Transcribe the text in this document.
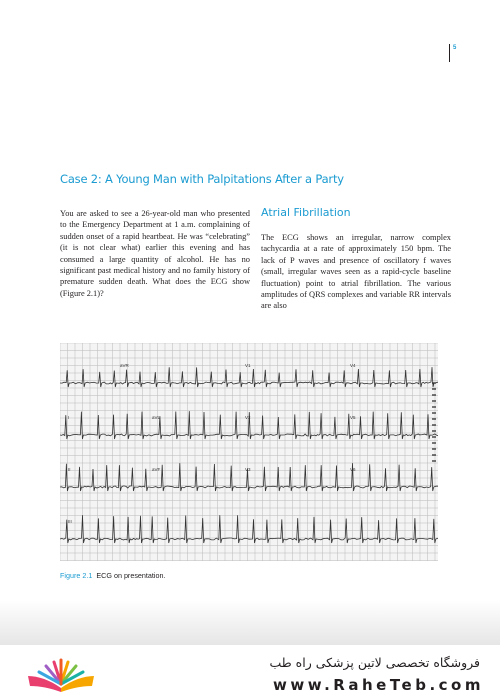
5
Case 2: A Young Man with Palpitations After a Party
You are asked to see a 26-year-old man who presented to the Emergency Department at 1 a.m. complaining of sudden onset of a rapid heartbeat. He was “celebrating” (it is not clear what) earlier this evening and has consumed a large quantity of alcohol. He has no significant past medical history and no family history of premature sudden death. What does the ECG show (Figure 2.1)?
Atrial Fibrillation
The ECG shows an irregular, narrow complex tachycardia at a rate of approximately 150 bpm. The lack of P waves and presence of oscillatory f waves (small, irregular waves seen as a rapid-cycle baseline fluctuation) point to atrial fibrillation. The various amplitudes of QRS complexes and variable RR intervals are also
aVR	V1	V4
I	aVL	V2	V5
II	aVF	V3	V6
III
Figure 2.1 ECG on presentation.
فروشگاه تخصصی لاتین پزشکی راه طب
www.RaheTeb.com
